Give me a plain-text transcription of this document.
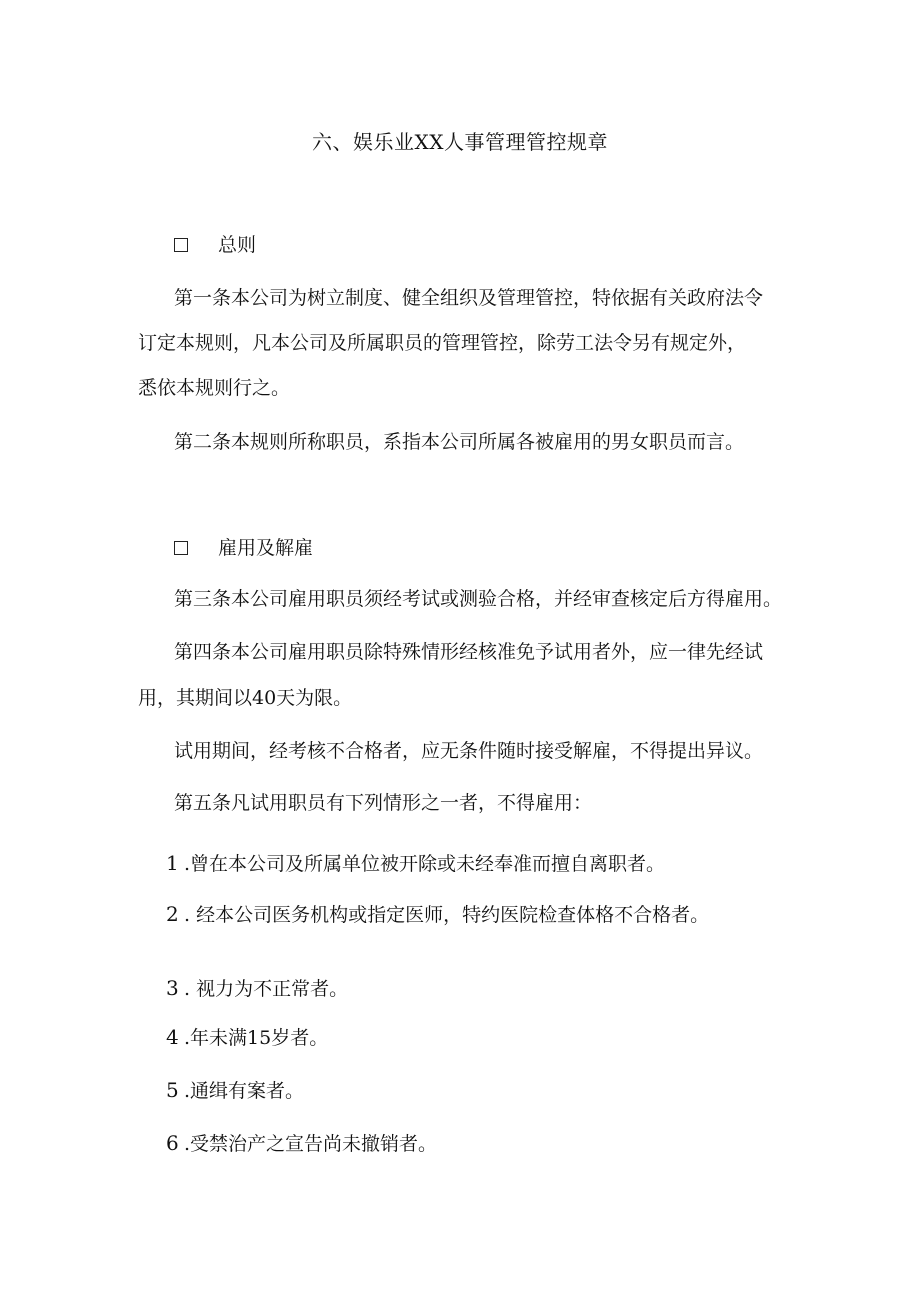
六、娱乐业XX人事管理管控规章
总则
第一条本公司为树立制度、健全组织及管理管控，特依据有关政府法令
订定本规则，凡本公司及所属职员的管理管控，除劳工法令另有规定外，
悉依本规则行之。
第二条本规则所称职员，系指本公司所属各被雇用的男女职员而言。
雇用及解雇
第三条本公司雇用职员须经考试或测验合格，并经审查核定后方得雇用。
第四条本公司雇用职员除特殊情形经核准免予试用者外，应一律先经试
用，其期间以40天为限。
试用期间，经考核不合格者，应无条件随时接受解雇，不得提出异议。
第五条凡试用职员有下列情形之一者，不得雇用：
1 .曾在本公司及所属单位被开除或未经奉准而擅自离职者。
2 . 经本公司医务机构或指定医师，特约医院检查体格不合格者。
3 . 视力为不正常者。
4 .年未满15岁者。
5 .通缉有案者。
6 .受禁治产之宣告尚未撤销者。
